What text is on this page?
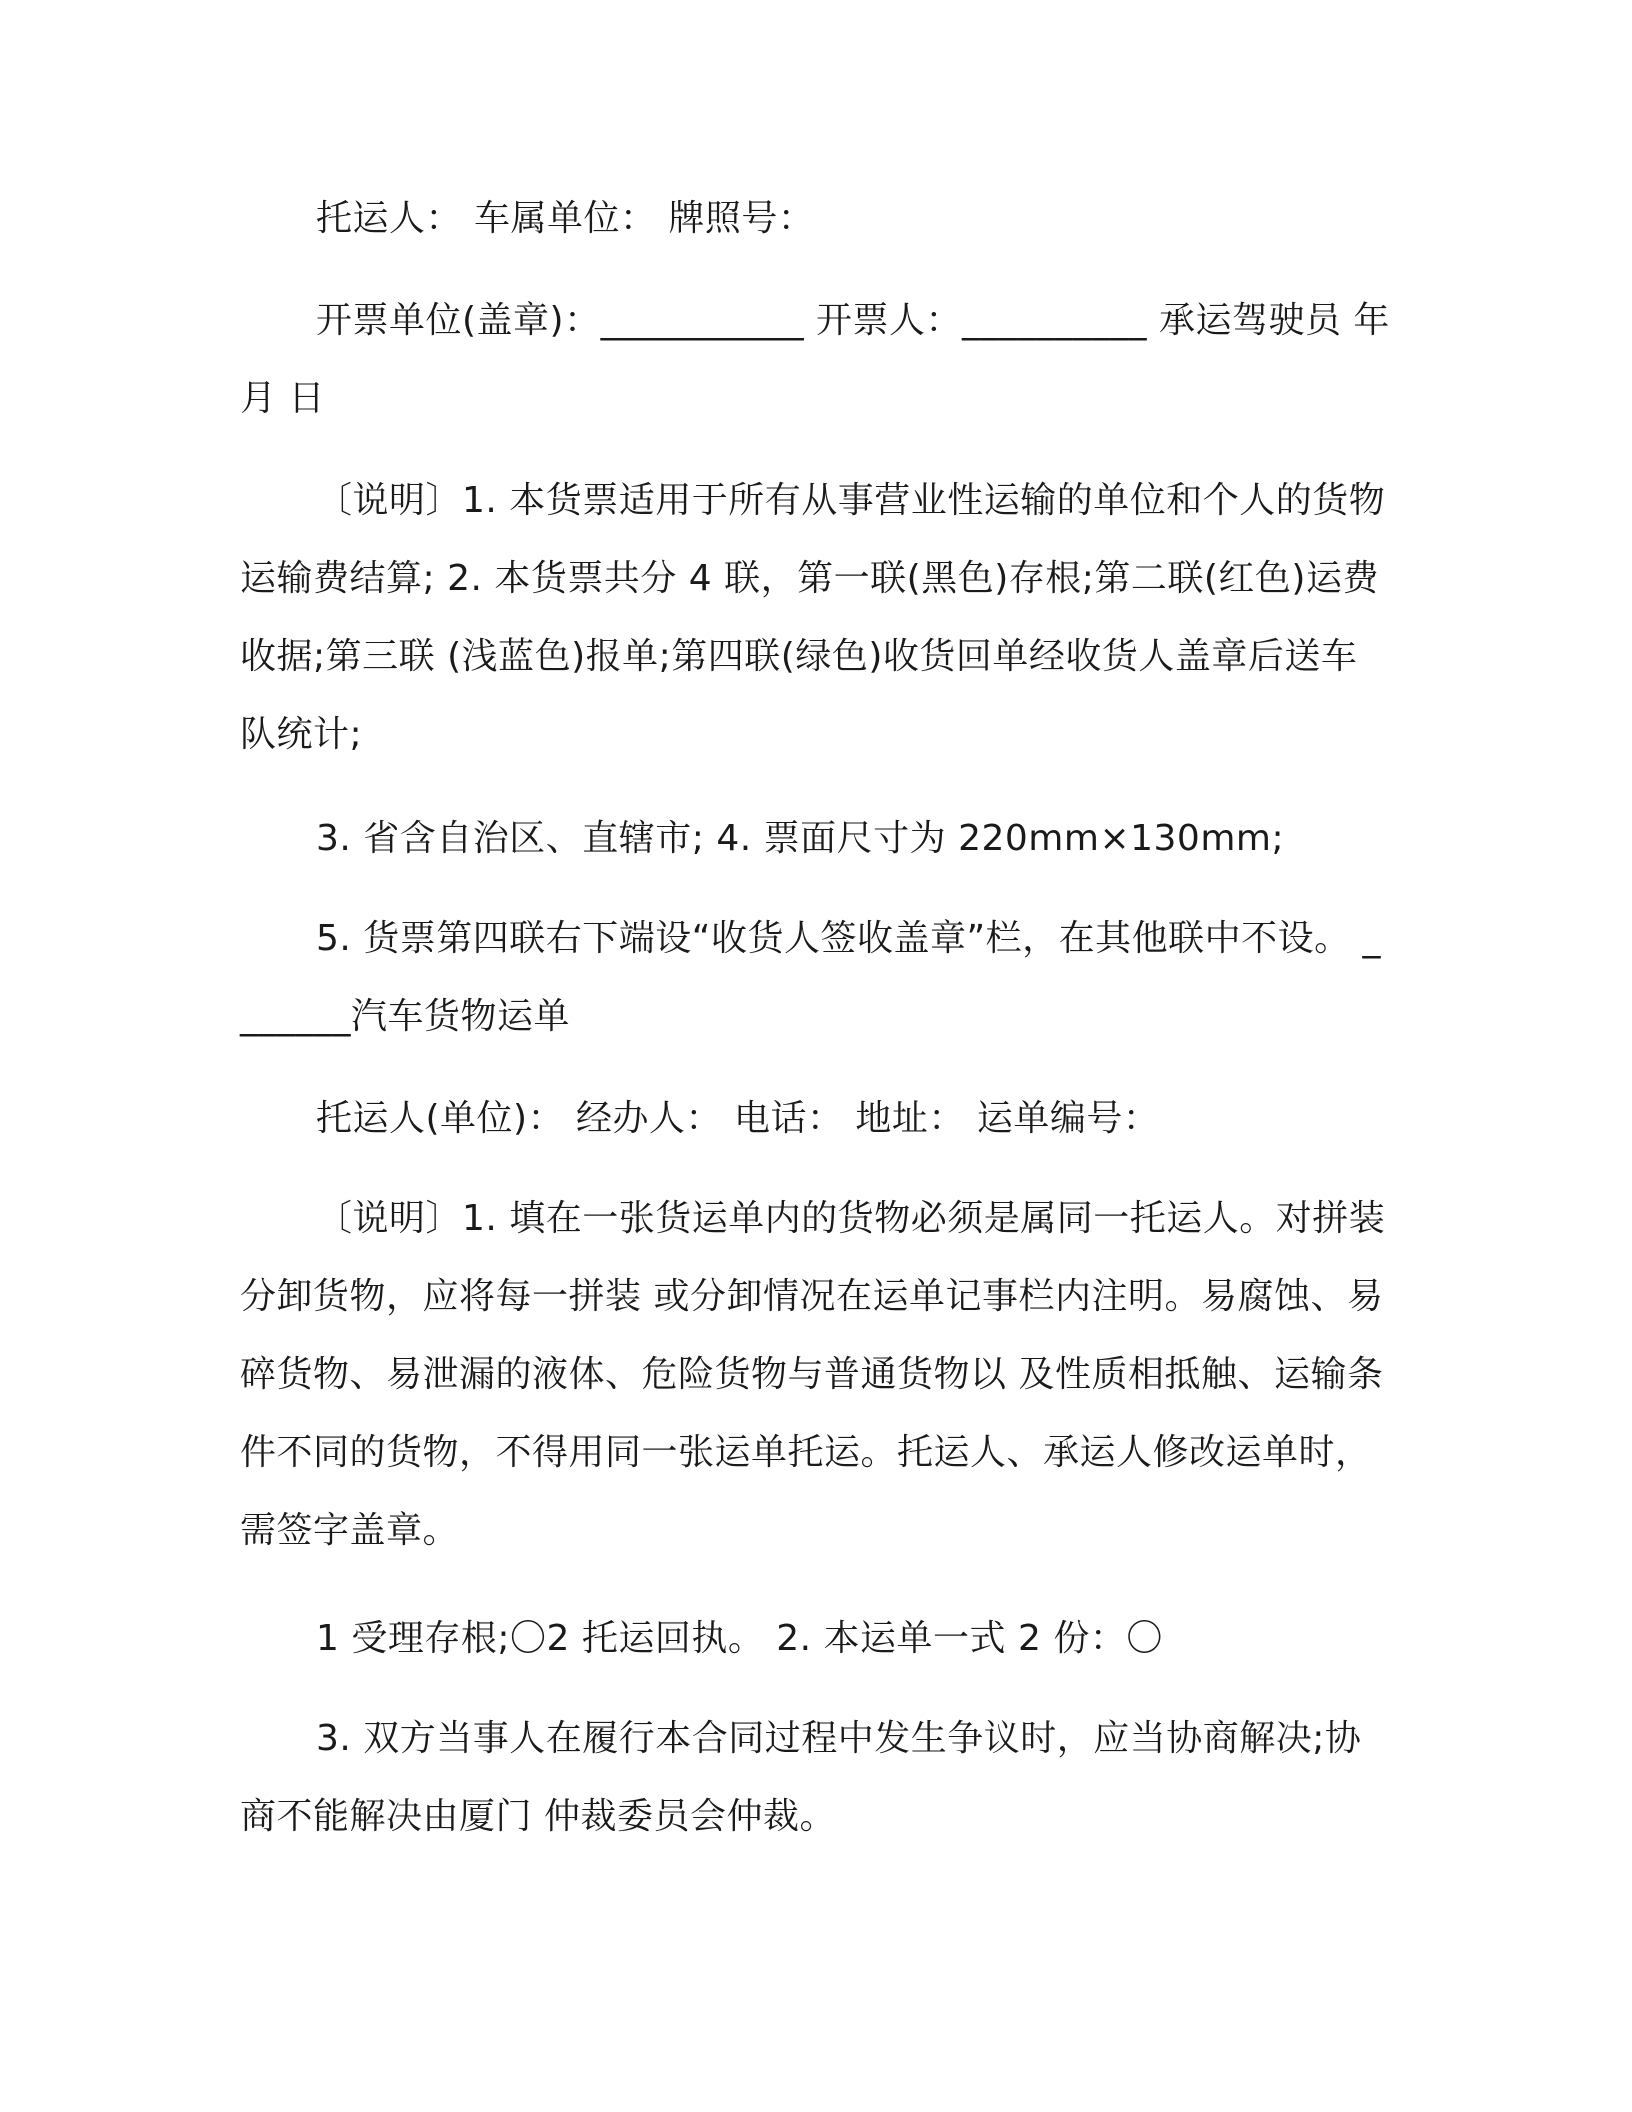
托运人： 车属单位： 牌照号：

开票单位(盖章)：___________ 开票人：__________ 承运驾驶员 年 月 日

〔说明〕1. 本货票适用于所有从事营业性运输的单位和个人的货物运输费结算; 2. 本货票共分 4 联，第一联(黑色)存根;第二联(红色)运费收据;第三联 (浅蓝色)报单;第四联(绿色)收货回单经收货人盖章后送车队统计;

3. 省含自治区、直辖市; 4. 票面尺寸为 220mm×130mm;

5. 货票第四联右下端设“收货人签收盖章”栏，在其他联中不设。 _______汽车货物运单

托运人(单位)： 经办人： 电话： 地址： 运单编号：

〔说明〕1. 填在一张货运单内的货物必须是属同一托运人。对拼装分卸货物，应将每一拼装 或分卸情况在运单记事栏内注明。易腐蚀、易碎货物、易泄漏的液体、危险货物与普通货物以 及性质相抵触、运输条件不同的货物，不得用同一张运单托运。托运人、承运人修改运单时， 需签字盖章。

1 受理存根;〇2 托运回执。 2. 本运单一式 2 份：〇

3. 双方当事人在履行本合同过程中发生争议时，应当协商解决;协商不能解决由厦门 仲裁委员会仲裁。
